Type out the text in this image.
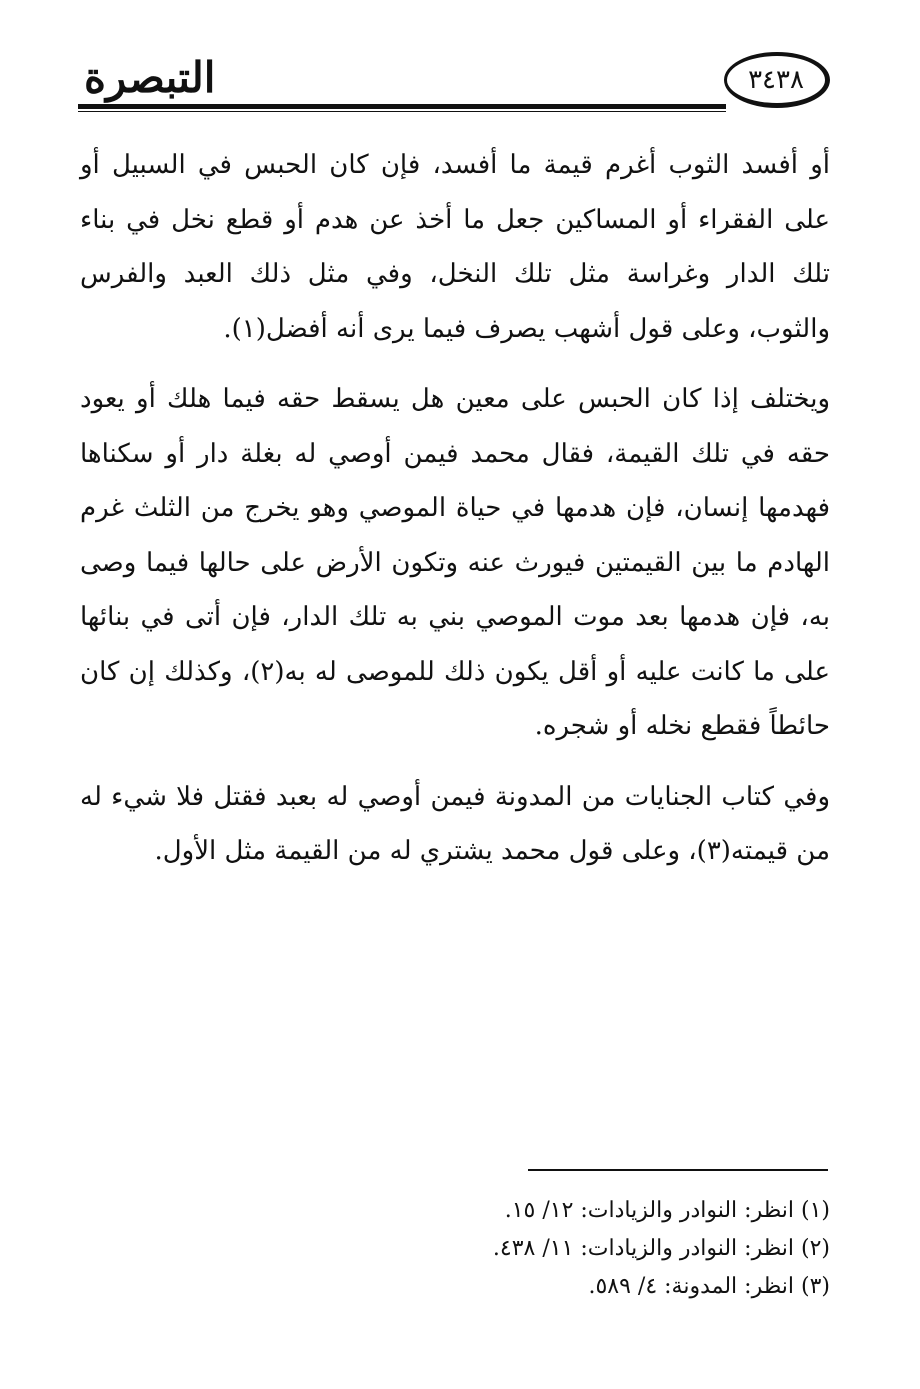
التبصرة	٣٤٣٨

أو أفسد الثوب أغرم قيمة ما أفسد، فإن كان الحبس في السبيل أو على الفقراء أو المساكين جعل ما أخذ عن هدم أو قطع نخل في بناء تلك الدار وغراسة مثل تلك النخل، وفي مثل ذلك العبد والفرس والثوب، وعلى قول أشهب يصرف فيما يرى أنه أفضل(١).

ويختلف إذا كان الحبس على معين هل يسقط حقه فيما هلك أو يعود حقه في تلك القيمة، فقال محمد فيمن أوصي له بغلة دار أو سكناها فهدمها إنسان، فإن هدمها في حياة الموصي وهو يخرج من الثلث غرم الهادم ما بين القيمتين فيورث عنه وتكون الأرض على حالها فيما وصى به، فإن هدمها بعد موت الموصي بني به تلك الدار، فإن أتى في بنائها على ما كانت عليه أو أقل يكون ذلك للموصى له به(٢)، وكذلك إن كان حائطاً فقطع نخله أو شجره.

وفي كتاب الجنايات من المدونة فيمن أوصي له بعبد فقتل فلا شيء له من قيمته(٣)، وعلى قول محمد يشتري له من القيمة مثل الأول.

(١) انظر: النوادر والزيادات: ١٢/ ١٥.
(٢) انظر: النوادر والزيادات: ١١/ ٤٣٨.
(٣) انظر: المدونة: ٤/ ٥٨٩.
